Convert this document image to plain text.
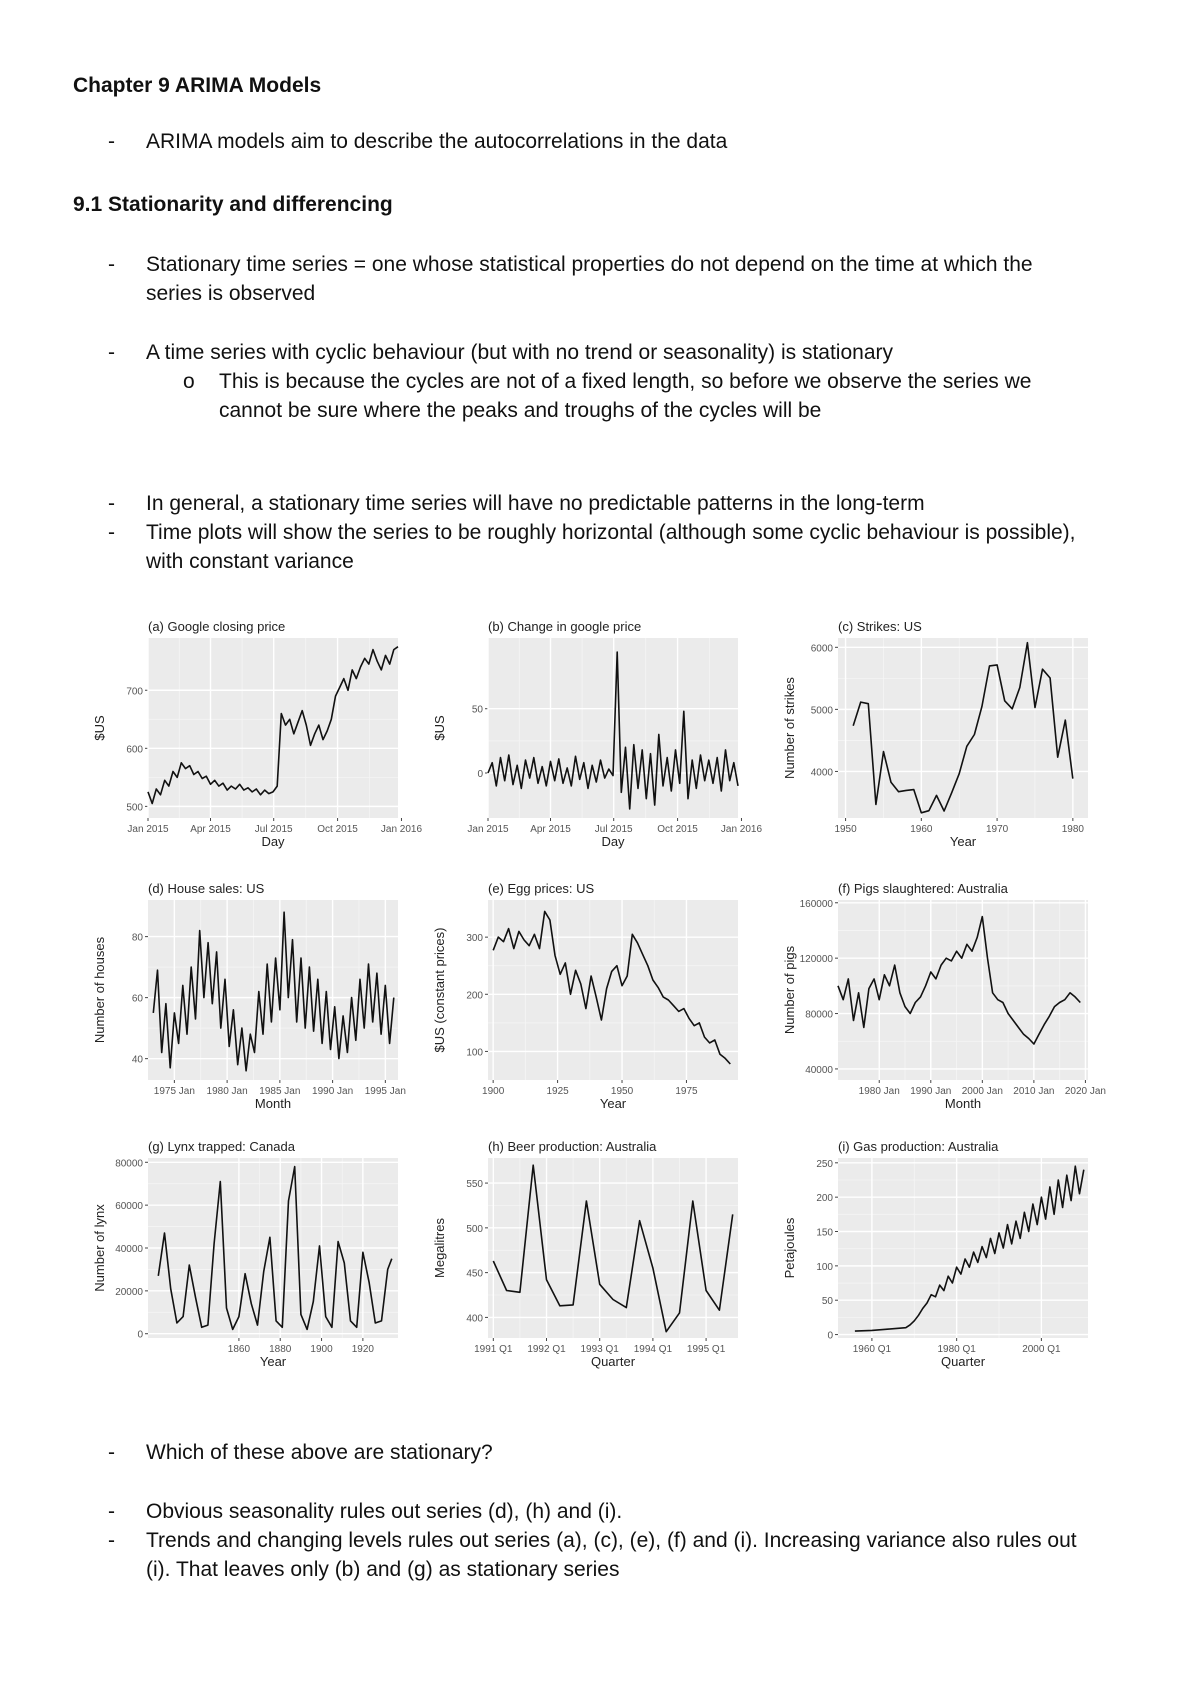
Chapter 9 ARIMA Models
- ARIMA models aim to describe the autocorrelations in the data
9.1 Stationarity and differencing
- Stationary time series = one whose statistical properties do not depend on the time at which the
series is observed
- A time series with cyclic behaviour (but with no trend or seasonality) is stationary
o This is because the cycles are not of a fixed length, so before we observe the series we
cannot be sure where the peaks and troughs of the cycles will be
- In general, a stationary time series will have no predictable patterns in the long-term
- Time plots will show the series to be roughly horizontal (although some cyclic behaviour is possible),
with constant variance
(a) Google closing price
500
600
700
Jan 2015 Apr 2015 Jul 2015 Oct 2015 Jan 2016
Day
$US
(b) Change in google price
0
50
Jan 2015 Apr 2015 Jul 2015 Oct 2015 Jan 2016
Day
$US
(c) Strikes: US
4000
5000
6000
1950	1960	1970	1980
Year
Number of strikes
(d) House sales: US
40
60
80
1975 Jan 1980 Jan 1985 Jan 1990 Jan 1995 Jan
Month
Number of houses
(e) Egg prices: US
100
200
300
1900	1925	1950	1975
Year
$US (constant prices)
(f) Pigs slaughtered: Australia
40000
80000
120000
160000
1980 Jan 1990 Jan 2000 Jan 2010 Jan 2020 Jan
Month
Number of pigs
(g) Lynx trapped: Canada
0
20000
40000
60000
80000
1860 1880 1900 1920
Year
Number of lynx
(h) Beer production: Australia
400
450
500
550
1991 Q1 1992 Q1 1993 Q1 1994 Q1 1995 Q1
Quarter
Megalitres
(i) Gas production: Australia
0
50
100
150
200
250
1960 Q1	1980 Q1	2000 Q1
Quarter
Petajoules
- Which of these above are stationary?
- Obvious seasonality rules out series (d), (h) and (i).
- Trends and changing levels rules out series (a), (c), (e), (f) and (i). Increasing variance also rules out
(i). That leaves only (b) and (g) as stationary series
